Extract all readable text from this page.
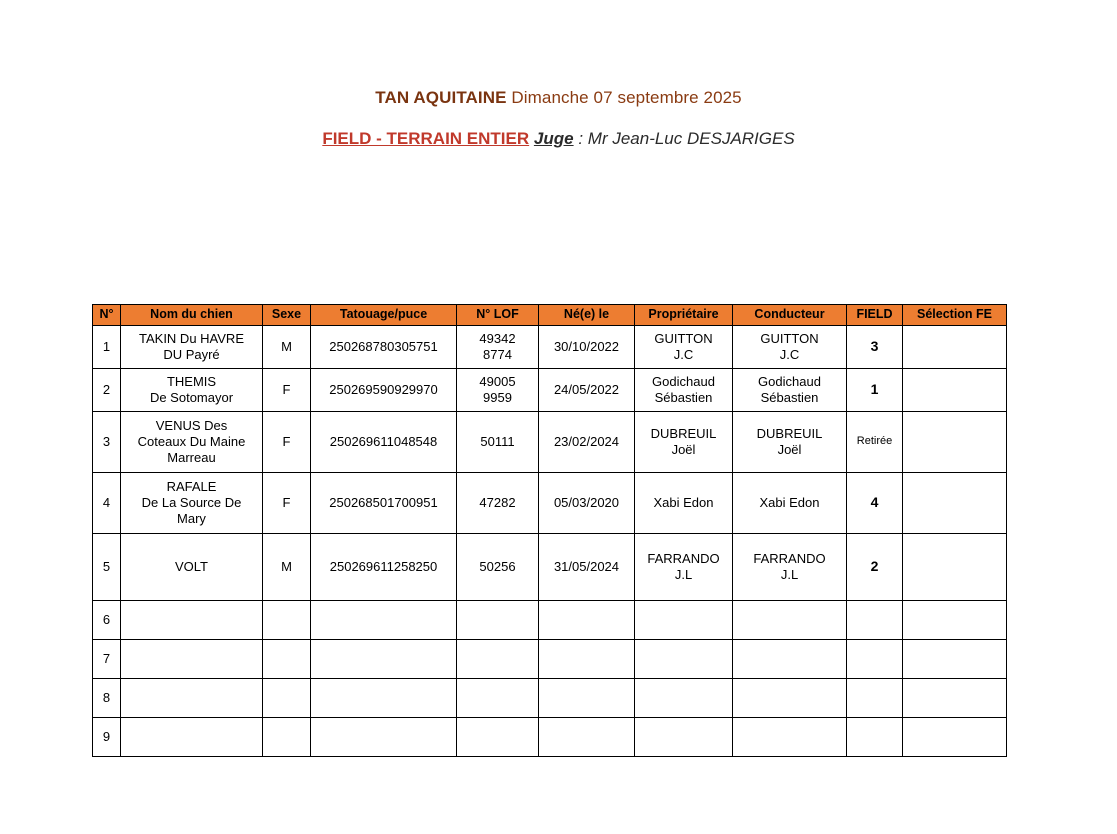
TAN AQUITAINE Dimanche 07 septembre 2025
FIELD - TERRAIN ENTIER Juge : Mr Jean-Luc DESJARIGES
N°	Nom du chien	Sexe	Tatouage/puce	N° LOF	Né(e) le	Propriétaire	Conducteur	FIELD	Sélection FE
1	TAKIN Du HAVRE
DU Payré	M	250268780305751	49342
8774	30/10/2022	GUITTON
J.C	GUITTON
J.C	3	
2	THEMIS
De Sotomayor	F	250269590929970	49005
9959	24/05/2022	Godichaud
Sébastien	Godichaud
Sébastien	1	
3	VENUS Des
Coteaux Du Maine
Marreau	F	250269611048548	50111	23/02/2024	DUBREUIL
Joël	DUBREUIL
Joël	Retirée	
4	RAFALE
De La Source De
Mary	F	250268501700951	47282	05/03/2020	Xabi Edon	Xabi Edon	4	
5	VOLT	M	250269611258250	50256	31/05/2024	FARRANDO
J.L	FARRANDO
J.L	2	
6									
7									
8									
9									
